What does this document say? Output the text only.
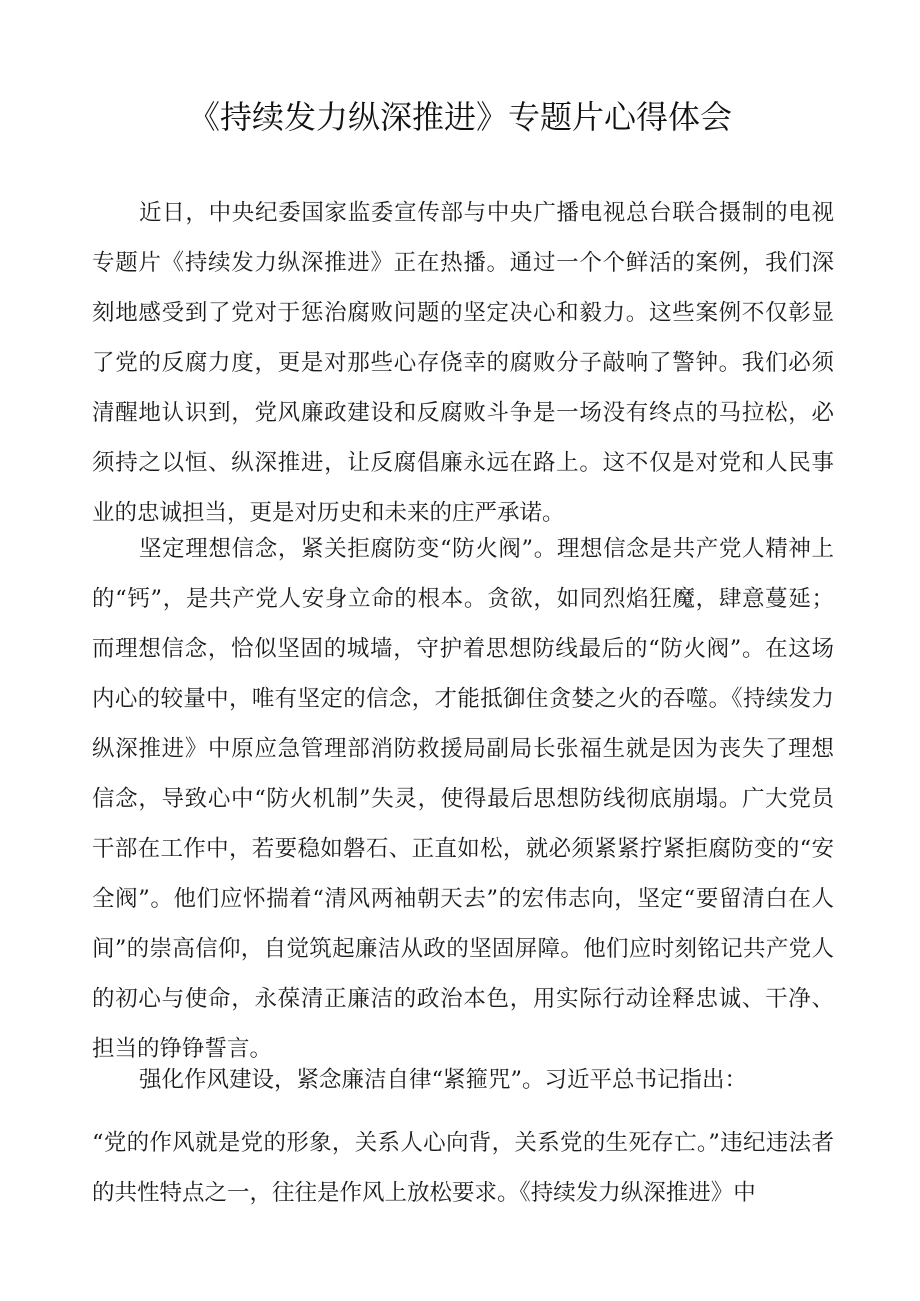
《持续发力纵深推进》专题片心得体会

近日，中央纪委国家监委宣传部与中央广播电视总台联合摄制的电视专题片《持续发力纵深推进》正在热播。通过一个个鲜活的案例，我们深刻地感受到了党对于惩治腐败问题的坚定决心和毅力。这些案例不仅彰显了党的反腐力度，更是对那些心存侥幸的腐败分子敲响了警钟。我们必须清醒地认识到，党风廉政建设和反腐败斗争是一场没有终点的马拉松，必须持之以恒、纵深推进，让反腐倡廉永远在路上。这不仅是对党和人民事业的忠诚担当，更是对历史和未来的庄严承诺。

坚定理想信念，紧关拒腐防变“防火阀”。理想信念是共产党人精神上的“钙”，是共产党人安身立命的根本。贪欲，如同烈焰狂魔，肆意蔓延；而理想信念，恰似坚固的城墙，守护着思想防线最后的“防火阀”。在这场内心的较量中，唯有坚定的信念，才能抵御住贪婪之火的吞噬。《持续发力纵深推进》中原应急管理部消防救援局副局长张福生就是因为丧失了理想信念，导致心中“防火机制”失灵，使得最后思想防线彻底崩塌。广大党员干部在工作中，若要稳如磐石、正直如松，就必须紧紧拧紧拒腐防变的“安全阀”。他们应怀揣着“清风两袖朝天去”的宏伟志向，坚定“要留清白在人间”的崇高信仰，自觉筑起廉洁从政的坚固屏障。他们应时刻铭记共产党人的初心与使命，永葆清正廉洁的政治本色，用实际行动诠释忠诚、干净、担当的铮铮誓言。

强化作风建设，紧念廉洁自律“紧箍咒”。习近平总书记指出：

“党的作风就是党的形象，关系人心向背，关系党的生死存亡。”违纪违法者的共性特点之一，往往是作风上放松要求。《持续发力纵深推进》中
